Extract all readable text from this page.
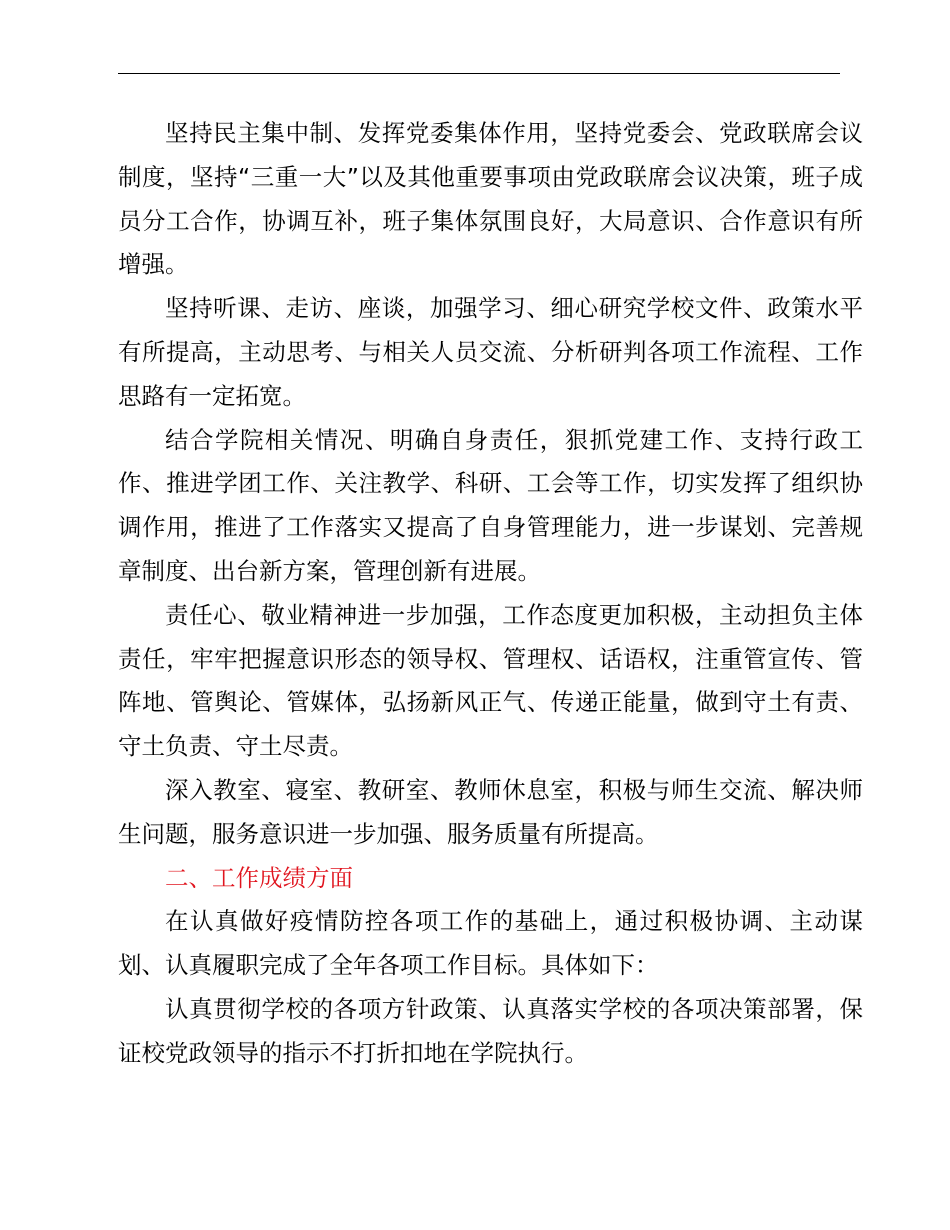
坚持民主集中制、发挥党委集体作用，坚持党委会、党政联席会议制度，坚持“三重一大”以及其他重要事项由党政联席会议决策，班子成员分工合作，协调互补，班子集体氛围良好，大局意识、合作意识有所增强。

坚持听课、走访、座谈，加强学习、细心研究学校文件、政策水平有所提高，主动思考、与相关人员交流、分析研判各项工作流程、工作思路有一定拓宽。

结合学院相关情况、明确自身责任，狠抓党建工作、支持行政工作、推进学团工作、关注教学、科研、工会等工作，切实发挥了组织协调作用，推进了工作落实又提高了自身管理能力，进一步谋划、完善规章制度、出台新方案，管理创新有进展。

责任心、敬业精神进一步加强，工作态度更加积极，主动担负主体责任，牢牢把握意识形态的领导权、管理权、话语权，注重管宣传、管阵地、管舆论、管媒体，弘扬新风正气、传递正能量，做到守土有责、守土负责、守土尽责。

深入教室、寝室、教研室、教师休息室，积极与师生交流、解决师生问题，服务意识进一步加强、服务质量有所提高。

二、工作成绩方面

在认真做好疫情防控各项工作的基础上，通过积极协调、主动谋划、认真履职完成了全年各项工作目标。具体如下：

认真贯彻学校的各项方针政策、认真落实学校的各项决策部署，保证校党政领导的指示不打折扣地在学院执行。
